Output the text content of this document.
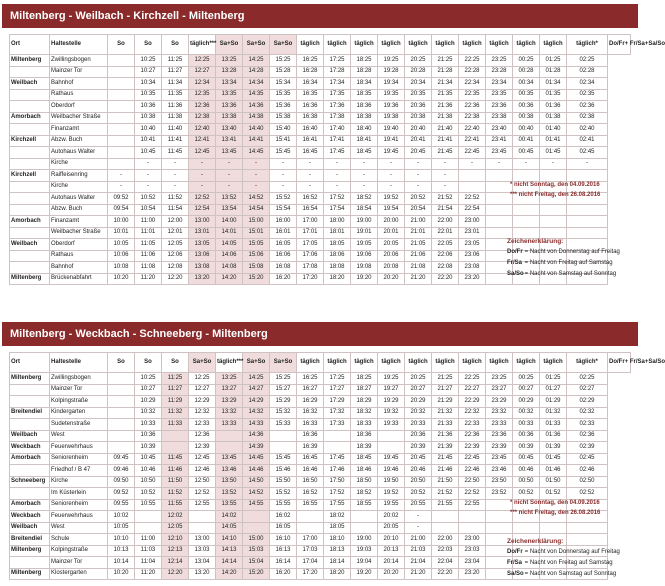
Miltenberg - Weilbach - Kirchzell - Miltenberg
Ort	Haltestelle	So	So	So	täglich***	Sa+So	Sa+So	Sa+So	täglich	täglich	täglich	täglich	täglich	täglich	täglich	täglich	täglich	täglich	täglich*	Do/Fr+ Fr/Sa+Sa/So
Miltenberg	Zwillingsbogen		10:25	11:25	12:25	13:25	14:25	15:25	16:25	17:25	18:25	19:25	20:25	21:25	22:25	23:25	00:25	01:25	02:25	
	Mainzer Tor		10:27	11:27	12:27	13:28	14:28	15:28	16:28	17:28	18:28	19:28	20:28	21:28	22:28	23:28	00:28	01:28	02:28	
Weilbach	Bahnhof		10:34	11:34	12:34	13:34	14:34	15:34	16:34	17:34	18:34	19:34	20:34	21:34	22:34	23:34	00:34	01:34	02:34	
	Rathaus		10:35	11:35	12:35	13:35	14:35	15:35	16:35	17:35	18:35	19:35	20:35	21:35	22:35	23:35	00:35	01:35	02:35	
	Oberdorf		10:36	11:36	12:36	13:36	14:36	15:36	16:36	17:36	18:36	19:36	20:36	21:36	22:36	23:36	00:36	01:36	02:36	
Amorbach	Weilbacher Straße		10:38	11:38	12:38	13:38	14:38	15:38	16:38	17:38	18:38	19:38	20:38	21:38	22:38	23:38	00:38	01:38	02:38	
	Finanzamt		10:40	11:40	12:40	13:40	14:40	15:40	16:40	17:40	18:40	19:40	20:40	21:40	22:40	23:40	00:40	01:40	02:40	
Kirchzell	Abzw. Buch		10:41	11:41	12:41	13:41	14:41	15:41	16:41	17:41	18:41	19:41	20:41	21:41	22:41	23:41	00:41	01:41	02:41	
	Autohaus Walter		10:45	11:45	12:45	13:45	14:45	15:45	16:45	17:45	18:45	19:45	20:45	21:45	22:45	23:45	00:45	01:45	02:45	
	Kirche		-	-	-	-	-	-	-	-	-	-	-	-	-	-	-	-	-	
Kirchzell	Raiffeisenring	-	-	-	-	-	-	-	-	-	-	-	-	-						
	Kirche	-	-	-	-	-	-	-	-	-	-	-	-	-						
	Autohaus Walter	09:52	10:52	11:52	12:52	13:52	14:52	15:52	16:52	17:52	18:52	19:52	20:52	21:52	22:52					
	Abzw. Buch	09:54	10:54	11:54	12:54	13:54	14:54	15:54	16:54	17:54	18:54	19:54	20:54	21:54	22:54					
Amorbach	Finanzamt	10:00	11:00	12:00	13:00	14:00	15:00	16:00	17:00	18:00	19:00	20:00	21:00	22:00	23:00					
	Weilbacher Straße	10:01	11:01	12:01	13:01	14:01	15:01	16:01	17:01	18:01	19:01	20:01	21:01	22:01	23:01					
Weilbach	Oberdorf	10:05	11:05	12:05	13:05	14:05	15:05	16:05	17:05	18:05	19:05	20:05	21:05	22:05	23:05					
	Rathaus	10:06	11:06	12:06	13:06	14:06	15:06	16:06	17:06	18:06	19:06	20:06	21:06	22:06	23:06					
	Bahnhof	10:08	11:08	12:08	13:08	14:08	15:08	16:08	17:08	18:08	19:08	20:08	21:08	22:08	23:08					
Miltenberg	Brückenabfahrt	10:20	11:20	12:20	13:20	14:20	15:20	16:20	17:20	18:20	19:20	20:20	21:20	22:20	23:20					
* nicht Sonntag, den 04.09.2016
*** nicht Freitag, den 26.08.2016
Zeichenerklärung:
Do/Fr = Nacht von Donnerstag auf Freitag
Fr/Sa = Nacht von Freitag auf Samstag
Sa/So = Nacht von Samstag auf Sonntag
Miltenberg - Weckbach - Schneeberg - Miltenberg
Ort	Haltestelle	So	So	So	Sa+So	täglich***	Sa+So	Sa+So	täglich	täglich	täglich	täglich	täglich	täglich	täglich	täglich	täglich	täglich	täglich*	Do/Fr+ Fr/Sa+Sa/So
Miltenberg	Zwillingsbogen		10:25	11:25	12:25	13:25	14:25	15:25	16:25	17:25	18:25	19:25	20:25	21:25	22:25	23:25	00:25	01:25	02:25	
	Mainzer Tor		10:27	11:27	12:27	13:27	14:27	15:27	16:27	17:27	18:27	19:27	20:27	21:27	22:27	23:27	00:27	01:27	02:27	
	Kolpingstraße		10:29	11:29	12:29	13:29	14:29	15:29	16:29	17:29	18:29	19:29	20:29	21:29	22:29	23:29	00:29	01:29	02:29	
Breitendiel	Kindergarten		10:32	11:32	12:32	13:32	14:32	15:32	16:32	17:32	18:32	19:32	20:32	21:32	22:32	23:32	00:32	01:32	02:32	
	Sudetenstraße		10:33	11:33	12:33	13:33	14:33	15:33	16:33	17:33	18:33	19:33	20:33	21:33	22:33	23:33	00:33	01:33	02:33	
Weilbach	West		10:36		12:36		14:36		16:36		18:36		20:36	21:36	22:36	23:36	00:36	01:36	02:36	
Weckbach	Feuerwehrhaus		10:39		12:39		14:39		16:39		18:39		20:39	21:39	22:39	23:39	00:39	01:39	02:39	
Amorbach	Seniorenheim	09:45	10:45	11:45	12:45	13:45	14:45	15:45	16:45	17:45	18:45	19:45	20:45	21:45	22:45	23:45	00:45	01:45	02:45	
	Friedhof / B 47	09:46	10:46	11:46	12:46	13:46	14:46	15:46	16:46	17:46	18:46	19:46	20:46	21:46	22:46	23:46	00:46	01:46	02:46	
Schneeberg	Kirche	09:50	10:50	11:50	12:50	13:50	14:50	15:50	16:50	17:50	18:50	19:50	20:50	21:50	22:50	23:50	00:50	01:50	02:50	
	Im Küsterlein	09:52	10:52	11:52	12:52	13:52	14:52	15:52	16:52	17:52	18:52	19:52	20:52	21:52	22:52	23:52	00:52	01:52	02:52	
Amorbach	Seniorenheim	09:55	10:55	11:55	12:55	13:55	14:55	15:55	16:55	17:55	18:55	19:55	20:55	21:55	22:55					
Weckbach	Feuerwehrhaus	10:02		12:02		14:02		16:02		18:02		20:02	-							
Weilbach	West	10:05		12:05		14:05		16:05		18:05		20:05	-							
Breitendiel	Schule	10:10	11:00	12:10	13:00	14:10	15:00	16:10	17:00	18:10	19:00	20:10	21:00	22:00	23:00					
Miltenberg	Kolpingstraße	10:13	11:03	12:13	13:03	14:13	15:03	16:13	17:03	18:13	19:03	20:13	21:03	22:03	23:03					
	Mainzer Tor	10:14	11:04	12:14	13:04	14:14	15:04	16:14	17:04	18:14	19:04	20:14	21:04	22:04	23:04					
Miltenberg	Klostergarten	10:20	11:20	12:20	13:20	14:20	15:20	16:20	17:20	18:20	19:20	20:20	21:20	22:20	23:20					
* nicht Sonntag, den 04.09.2016
*** nicht Freitag, den 26.08.2016
Zeichenerklärung:
Do/Fr = Nacht von Donnerstag auf Freitag
Fr/Sa = Nacht von Freitag auf Samstag
Sa/So = Nacht von Samstag auf Sonntag
